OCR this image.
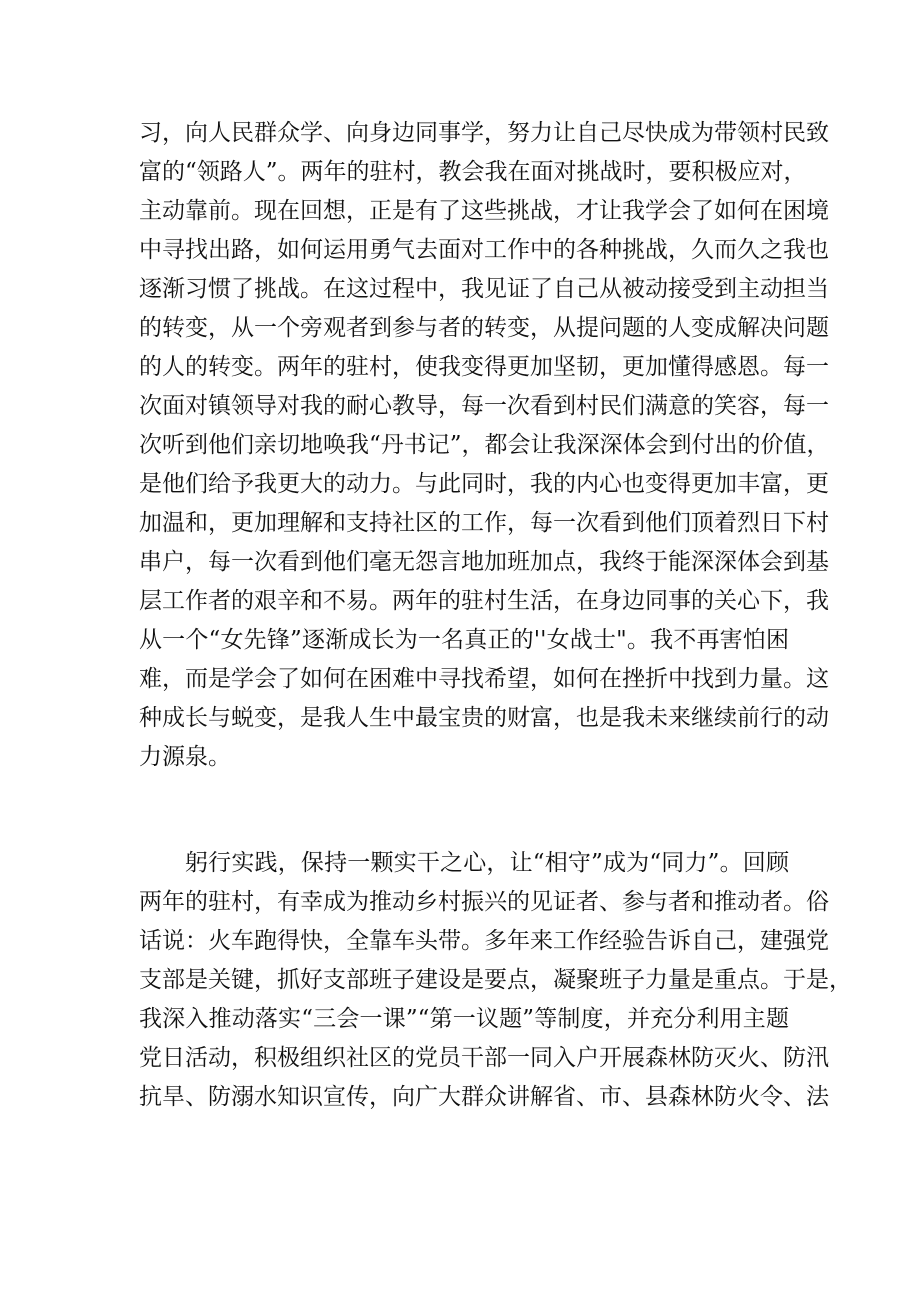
习，向人民群众学、向身边同事学，努力让自己尽快成为带领村民致
富的“领路人”。两年的驻村，教会我在面对挑战时，要积极应对，
主动靠前。现在回想，正是有了这些挑战，才让我学会了如何在困境
中寻找出路，如何运用勇气去面对工作中的各种挑战，久而久之我也
逐渐习惯了挑战。在这过程中，我见证了自己从被动接受到主动担当
的转变，从一个旁观者到参与者的转变，从提问题的人变成解决问题
的人的转变。两年的驻村，使我变得更加坚韧，更加懂得感恩。每一
次面对镇领导对我的耐心教导，每一次看到村民们满意的笑容，每一
次听到他们亲切地唤我“丹书记”，都会让我深深体会到付出的价值，
是他们给予我更大的动力。与此同时，我的内心也变得更加丰富，更
加温和，更加理解和支持社区的工作，每一次看到他们顶着烈日下村
串户，每一次看到他们毫无怨言地加班加点，我终于能深深体会到基
层工作者的艰辛和不易。两年的驻村生活，在身边同事的关心下，我
从一个“女先锋”逐渐成长为一名真正的''女战士"。我不再害怕困
难，而是学会了如何在困难中寻找希望，如何在挫折中找到力量。这
种成长与蜕变，是我人生中最宝贵的财富，也是我未来继续前行的动
力源泉。
躬行实践，保持一颗实干之心，让“相守”成为“同力”。回顾
两年的驻村，有幸成为推动乡村振兴的见证者、参与者和推动者。俗
话说：火车跑得快，全靠车头带。多年来工作经验告诉自己，建强党
支部是关键，抓好支部班子建设是要点，凝聚班子力量是重点。于是，
我深入推动落实“三会一课”“第一议题”等制度，并充分利用主题
党日活动，积极组织社区的党员干部一同入户开展森林防灭火、防汛
抗旱、防溺水知识宣传，向广大群众讲解省、市、县森林防火令、法
